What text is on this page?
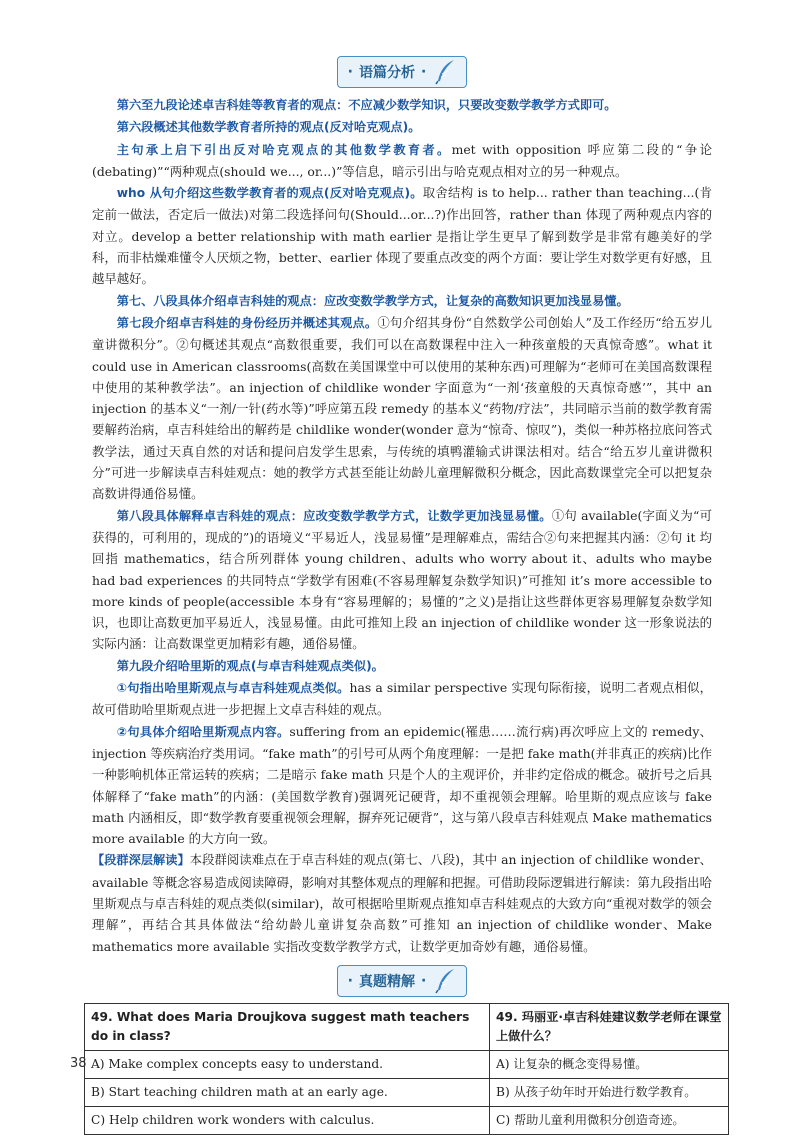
· 语篇分析 ·

第六至九段论述卓吉科娃等教育者的观点：不应减少数学知识，只要改变数学教学方式即可。

第六段概述其他数学教育者所持的观点(反对哈克观点)。

主句承上启下引出反对哈克观点的其他数学教育者。met with opposition 呼应第二段的“争论(debating)”“两种观点(should we..., or...)”等信息，暗示引出与哈克观点相对立的另一种观点。

who 从句介绍这些数学教育者的观点(反对哈克观点)。取舍结构 is to help... rather than teaching...(肯定前一做法，否定后一做法)对第二段选择问句(Should...or...?)作出回答，rather than 体现了两种观点内容的对立。develop a better relationship with math earlier 是指让学生更早了解到数学是非常有趣美好的学科，而非枯燥难懂令人厌烦之物，better、earlier 体现了要重点改变的两个方面：要让学生对数学更有好感，且越早越好。

第七、八段具体介绍卓吉科娃的观点：应改变数学教学方式，让复杂的高数知识更加浅显易懂。

第七段介绍卓吉科娃的身份经历并概述其观点。①句介绍其身份“自然数学公司创始人”及工作经历“给五岁儿童讲微积分”。②句概述其观点“高数很重要，我们可以在高数课程中注入一种孩童般的天真惊奇感”。what it could use in American classrooms(高数在美国课堂中可以使用的某种东西)可理解为“老师可在美国高数课程中使用的某种教学法”。an injection of childlike wonder 字面意为“一剂‘孩童般的天真惊奇感’”，其中 an injection 的基本义“一剂/一针(药水等)”呼应第五段 remedy 的基本义“药物/疗法”，共同暗示当前的数学教育需要解药治病，卓吉科娃给出的解药是 childlike wonder(wonder 意为“惊奇、惊叹”)，类似一种苏格拉底问答式教学法，通过天真自然的对话和提问启发学生思索，与传统的填鸭灌输式讲课法相对。结合“给五岁儿童讲微积分”可进一步解读卓吉科娃观点：她的教学方式甚至能让幼龄儿童理解微积分概念，因此高数课堂完全可以把复杂高数讲得通俗易懂。

第八段具体解释卓吉科娃的观点：应改变数学教学方式，让数学更加浅显易懂。①句 available(字面义为“可获得的，可利用的，现成的”)的语境义“平易近人，浅显易懂”是理解难点，需结合②句来把握其内涵：②句 it 均回指 mathematics，结合所列群体 young children、adults who worry about it、adults who maybe had bad experiences 的共同特点“学数学有困难(不容易理解复杂数学知识)”可推知 it’s more accessible to more kinds of people(accessible 本身有“容易理解的；易懂的”之义)是指让这些群体更容易理解复杂数学知识，也即让高数更加平易近人，浅显易懂。由此可推知上段 an injection of childlike wonder 这一形象说法的实际内涵：让高数课堂更加精彩有趣，通俗易懂。

第九段介绍哈里斯的观点(与卓吉科娃观点类似)。

①句指出哈里斯观点与卓吉科娃观点类似。has a similar perspective 实现句际衔接，说明二者观点相似，故可借助哈里斯观点进一步把握上文卓吉科娃的观点。

②句具体介绍哈里斯观点内容。suffering from an epidemic(罹患……流行病)再次呼应上文的 remedy、injection 等疾病治疗类用词。“fake math”的引号可从两个角度理解：一是把 fake math(并非真正的疾病)比作一种影响机体正常运转的疾病；二是暗示 fake math 只是个人的主观评价，并非约定俗成的概念。破折号之后具体解释了“fake math”的内涵：(美国数学教育)强调死记硬背，却不重视领会理解。哈里斯的观点应该与 fake math 内涵相反，即“数学教育要重视领会理解，摒弃死记硬背”，这与第八段卓吉科娃观点 Make mathematics more available 的大方向一致。

【段群深层解读】本段群阅读难点在于卓吉科娃的观点(第七、八段)，其中 an injection of childlike wonder、available 等概念容易造成阅读障碍，影响对其整体观点的理解和把握。可借助段际逻辑进行解读：第九段指出哈里斯观点与卓吉科娃的观点类似(similar)，故可根据哈里斯观点推知卓吉科娃观点的大致方向“重视对数学的领会理解”，再结合其具体做法“给幼龄儿童讲复杂高数”可推知 an injection of childlike wonder、Make mathematics more available 实指改变数学教学方式，让数学更加奇妙有趣，通俗易懂。

· 真题精解 ·
49. What does Maria Droujkova suggest math teachers do in class?	49. 玛丽亚·卓吉科娃建议数学老师在课堂上做什么？
A) Make complex concepts easy to understand.	A) 让复杂的概念变得易懂。
B) Start teaching children math at an early age.	B) 从孩子幼年时开始进行数学教育。
C) Help children work wonders with calculus.	C) 帮助儿童利用微积分创造奇迹。
38
